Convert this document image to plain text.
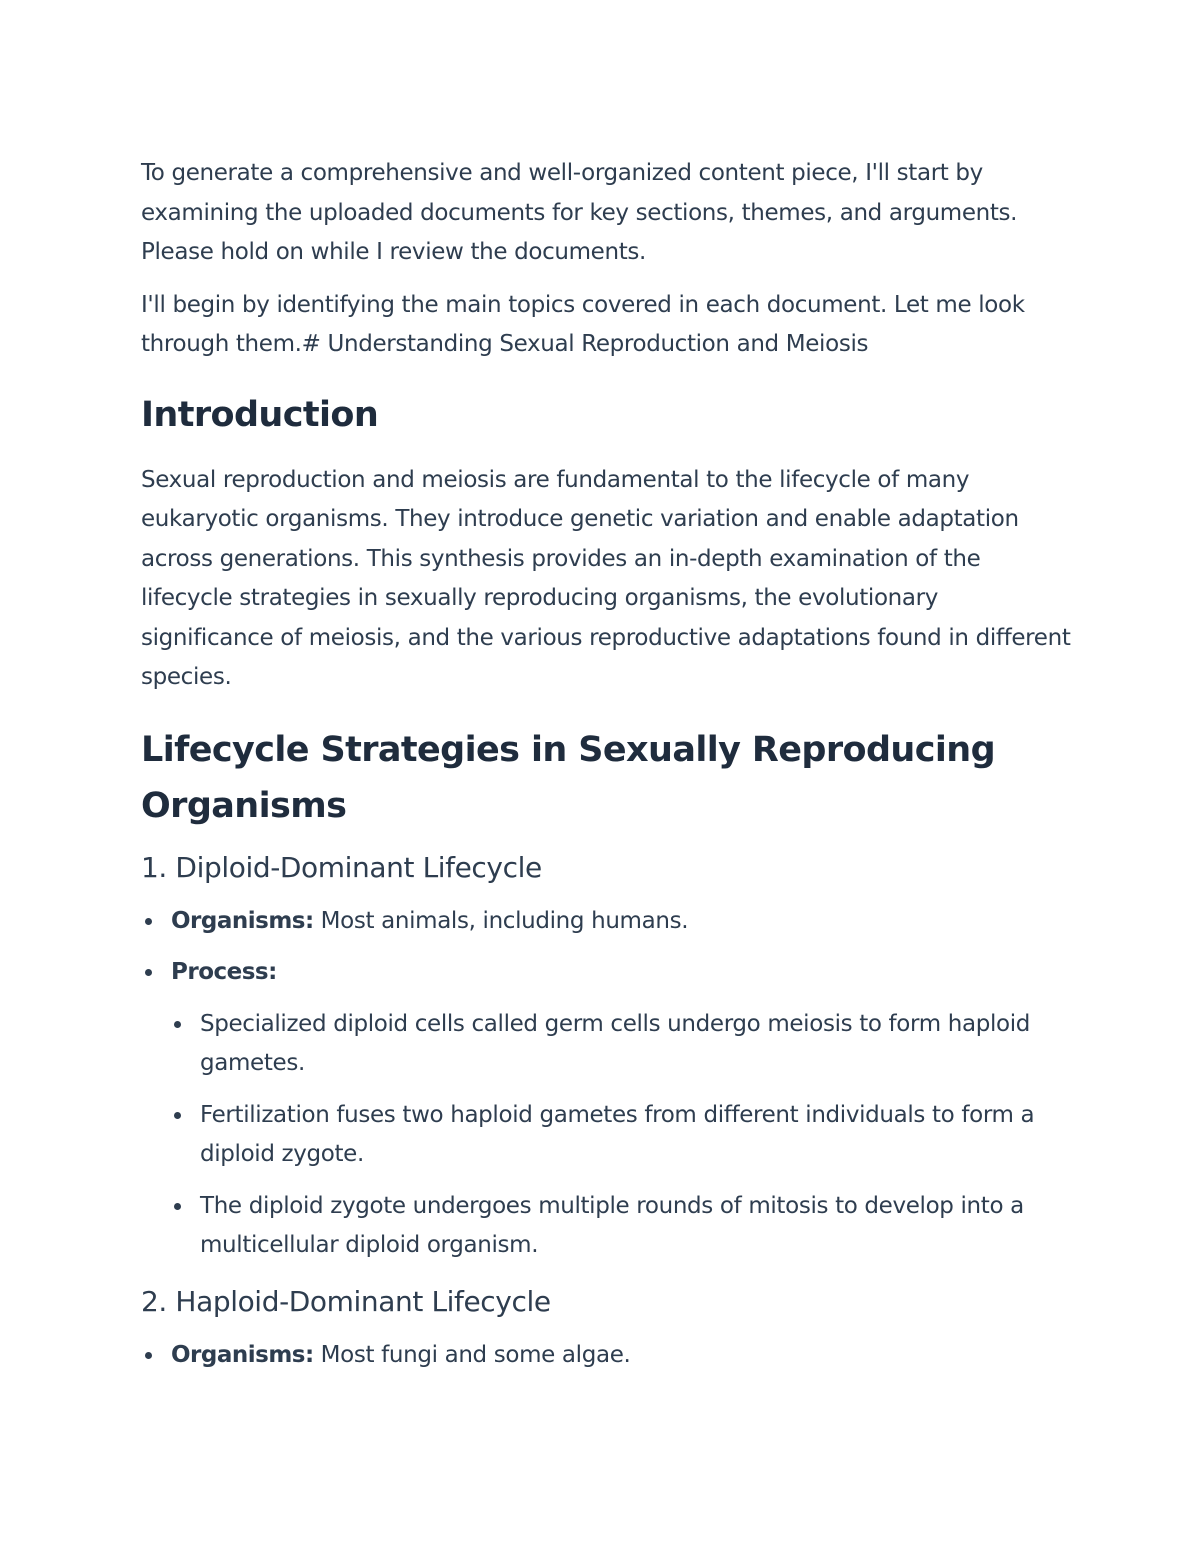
To generate a comprehensive and well-organized content piece, I'll start by examining the uploaded documents for key sections, themes, and arguments. Please hold on while I review the documents.

I'll begin by identifying the main topics covered in each document. Let me look through them.# Understanding Sexual Reproduction and Meiosis

Introduction

Sexual reproduction and meiosis are fundamental to the lifecycle of many eukaryotic organisms. They introduce genetic variation and enable adaptation across generations. This synthesis provides an in-depth examination of the lifecycle strategies in sexually reproducing organisms, the evolutionary significance of meiosis, and the various reproductive adaptations found in different species.

Lifecycle Strategies in Sexually Reproducing Organisms
1. Diploid-Dominant Lifecycle
Organisms: Most animals, including humans.
Process:
Specialized diploid cells called germ cells undergo meiosis to form haploid gametes.
Fertilization fuses two haploid gametes from different individuals to form a diploid zygote.
The diploid zygote undergoes multiple rounds of mitosis to develop into a multicellular diploid organism.
2. Haploid-Dominant Lifecycle
Organisms: Most fungi and some algae.
